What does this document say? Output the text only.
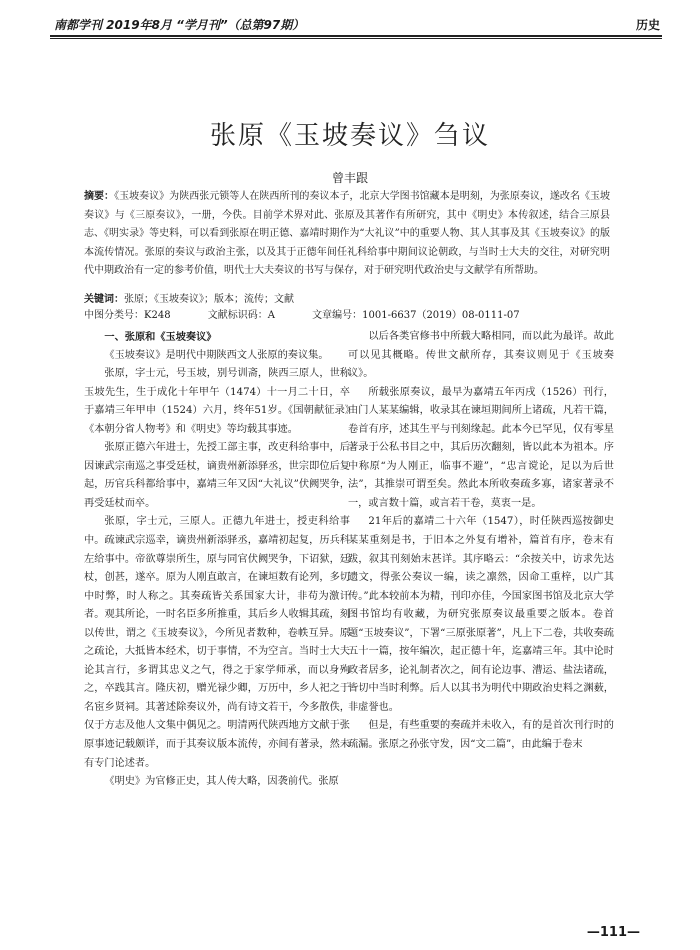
南都学刊 2019年8月 “学月刊”（总第97期）	历史
张原《玉坡奏议》刍议
曾丰跟

摘要：《玉坡奏议》为陕西张元锁等人在陕西所刊的奏议本子，北京大学图书馆藏本是明刻，为张原奏议，遂改名《玉坡奏议》与《三原奏议》，一册，今佚。目前学术界对此、张原及其著作有所研究，其中《明史》本传叙述，结合三原县志、《明实录》等史料，可以看到张原在明正德、嘉靖时期作为“大礼议”中的重要人物、其人其事及其《玉坡奏议》的版本流传情况。张原的奏议与政治主张，以及其于正德年间任礼科给事中期间议论朝政，与当时士大夫的交往，对研究明代中期政治有一定的参考价值，明代士大夫奏议的书写与保存，对于研究明代政治史与文献学有所帮助。

关键词：张原；《玉坡奏议》；版本；流传；文献
中图分类号：K248	文献标识码：A	文章编号：1001-6637（2019）08-0111-07
一、张原和《玉坡奏议》

《玉坡奏议》是明代中期陕西文人张原的奏议集。

张原，字士元，号玉坡，别号训斋，陕西三原人，世称玉坡先生，生于成化十年甲午（1474）十一月二十日，卒于嘉靖三年甲申（1524）六月，终年51岁。《国朝献征录》《本朝分省人物考》和《明史》等均载其事迹。

张原正德六年进士，先授工部主事，改吏科给事中，后因谏武宗南巡之事受廷杖，谪贵州新添驿丞，世宗即位后复起，历官兵科都给事中，嘉靖三年又因“大礼议”伏阙哭争，再受廷杖而卒。

张原，字士元，三原人。正德九年进士，授吏科给事中。疏谏武宗巡幸，谪贵州新添驿丞，嘉靖初起复，历兵科左给事中。帝欲尊崇所生，原与同官伏阙哭争，下诏狱，廷杖，创甚，遂卒。原为人刚直敢言，在谏垣数有论列，多切中时弊，时人称之。其奏疏皆关系国家大计，非苟为激讦者。观其所论，一时名臣多所推重，其后乡人收辑其疏，刻以传世，谓之《玉坡奏议》，今所见者数种，卷帙互异。原之疏论，大抵皆本经术，切于事情，不为空言。当时士大夫论其言行，多谓其忠义之气，得之于家学师承，而以身殉之，卒践其言。隆庆初，赠光禄少卿，万历中，乡人祀之于名宦乡贤祠。其著述除奏议外，尚有诗文若干，今多散佚，仅于方志及他人文集中偶见之。明清两代陕西地方文献于张原事迹记载颇详，而于其奏议版本流传，亦间有著录，然未有专门论述者。

《明史》为官修正史，其人传大略，因袭前代。张原

以后各类官修书中所载大略相同，而以此为最详。故此可以见其概略。传世文献所存，其奏议则见于《玉坡奏议》。

所载张原奏议，最早为嘉靖五年丙戌（1526）刊行，由门人某某编辑，收录其在谏垣期间所上诸疏，凡若干篇，卷首有序，述其生平与刊刻缘起。此本今已罕见，仅有零星著录于公私书目之中，其后历次翻刻，皆以此本为祖本。序中称原“为人刚正，临事不避”，“忠言谠论，足以为后世法”，其推崇可谓至矣。然此本所收奏疏多寡，诸家著录不一，或言数十篇，或言若干卷，莫衷一是。

21年后的嘉靖二十六年（1547），时任陕西巡按御史某某重刻是书，于旧本之外复有增补，篇首有序，卷末有跋，叙其刊刻始末甚详。其序略云：“余按关中，访求先达遗文，得张公奏议一编，读之凛然，因命工重梓，以广其传。”此本较前本为精，刊印亦佳，今国家图书馆及北京大学图书馆均有收藏，为研究张原奏议最重要之版本。卷首题“玉坡奏议”，下署“三原张原著”，凡上下二卷，共收奏疏五十一篇，按年编次，起正德十年，迄嘉靖三年。其中论时政者居多，论礼制者次之，间有论边事、漕运、盐法诸疏，皆切中当时利弊。后人以其书为明代中期政治史料之渊薮，非虚誉也。

但是，有些重要的奏疏并未收入，有的是首次刊行时的疏漏。张原之孙张守发，因“文二篇”，由此编于卷末

—111—
